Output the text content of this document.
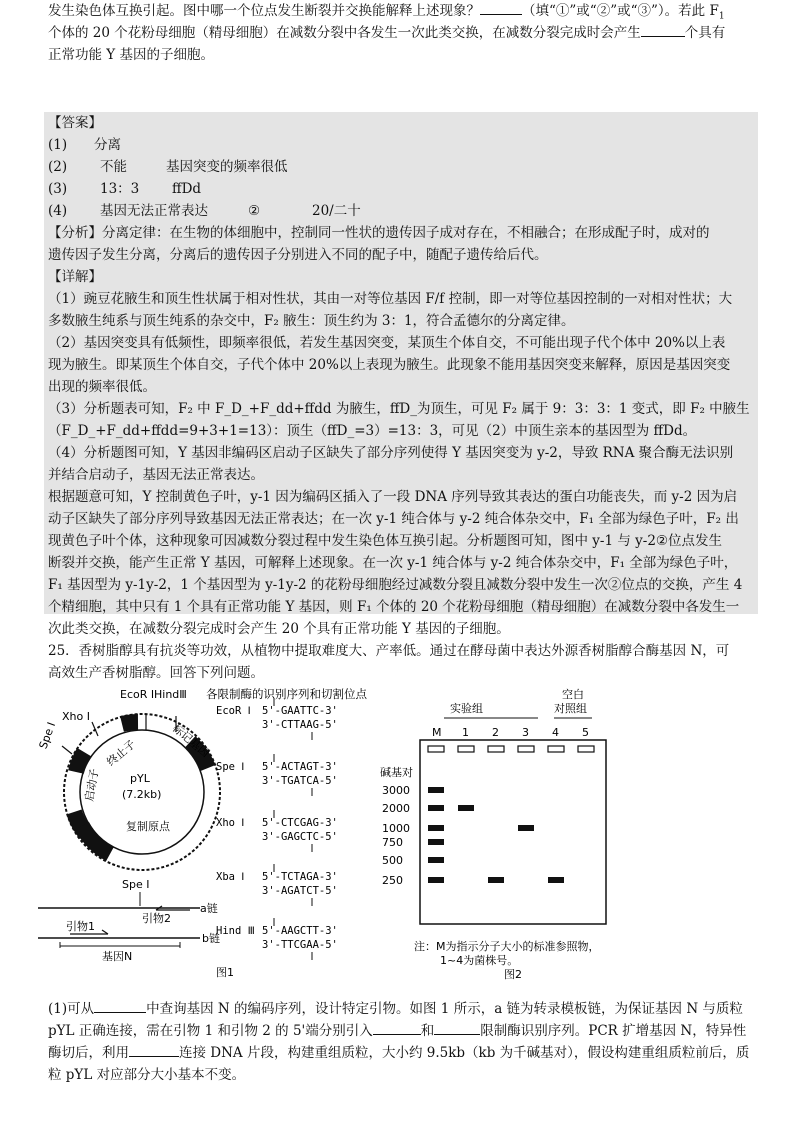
发生染色体互换引起。图中哪一个位点发生断裂并交换能解释上述现象？	（填“①”或“②”或“③”）。若此 $F_1$
个体的 20 个花粉母细胞（精母细胞）在减数分裂中各发生一次此类交换，在减数分裂完成时会产生	个具有
正常功能 Y 基因的子细胞。
【答案】
(1) 分离
(2) 不能	基因突变的频率很低
(3) 13：3 ffDd
(4) 基因无法正常表达	②	20/二十
【分析】分离定律：在生物的体细胞中，控制同一性状的遗传因子成对存在，不相融合；在形成配子时，成对的
遗传因子发生分离，分离后的遗传因子分别进入不同的配子中，随配子遗传给后代。
【详解】
（1）豌豆花腋生和顶生性状属于相对性状，其由一对等位基因 F/f 控制，即一对等位基因控制的一对相对性状；大
多数腋生纯系与顶生纯系的杂交中，F₂ 腋生：顶生约为 3：1，符合孟德尔的分离定律。
（2）基因突变具有低频性，即频率很低，若发生基因突变，某顶生个体自交，不可能出现子代个体中 20%以上表
现为腋生。即某顶生个体自交，子代个体中 20%以上表现为腋生。此现象不能用基因突变来解释，原因是基因突变
出现的频率很低。
（3）分析题表可知，F₂ 中 F_D_+F_dd+ffdd 为腋生，ffD_为顶生，可见 F₂ 属于 9：3：3：1 变式，即 F₂ 中腋生
（F_D_+F_dd+ffdd=9+3+1=13）：顶生（ffD_=3）=13：3，可见（2）中顶生亲本的基因型为 ffDd。
（4）分析题图可知，Y 基因非编码区启动子区缺失了部分序列使得 Y 基因突变为 y-2，导致 RNA 聚合酶无法识别
并结合启动子，基因无法正常表达。
根据题意可知，Y 控制黄色子叶，y-1 因为编码区插入了一段 DNA 序列导致其表达的蛋白功能丧失，而 y-2 因为启
动子区缺失了部分序列导致基因无法正常表达；在一次 y-1 纯合体与 y-2 纯合体杂交中，F₁ 全部为绿色子叶，F₂ 出
现黄色子叶个体，这种现象可因减数分裂过程中发生染色体互换引起。分析题图可知，图中 y-1 与 y-2②位点发生
断裂并交换，能产生正常 Y 基因，可解释上述现象。在一次 y-1 纯合体与 y-2 纯合体杂交中，F₁ 全部为绿色子叶，
F₁ 基因型为 y-1y-2，1 个基因型为 y-1y-2 的花粉母细胞经过减数分裂且减数分裂中发生一次②位点的交换，产生 4
个精细胞，其中只有 1 个具有正常功能 Y 基因，则 F₁ 个体的 20 个花粉母细胞（精母细胞）在减数分裂中各发生一
次此类交换，在减数分裂完成时会产生 20 个具有正常功能 Y 基因的子细胞。
25．香树脂醇具有抗炎等功效，从植物中提取难度大、产率低。通过在酵母菌中表达外源香树脂醇合酶基因 N，可
高效生产香树脂醇。回答下列问题。
EcoR Ⅰ HindⅢ
Xho Ⅰ
Spe Ⅰ
终止子	标记基因
启动子
复制原点
pYL
(7.2kb)
各限制酶的识别序列和切割位点
EcoR Ⅰ 5'-GAATTC-3'
3'-CTTAAG-5'
Spe Ⅰ 5'-ACTAGT-3'
3'-TGATCA-5'
Xho Ⅰ 5'-CTCGAG-3'
3'-GAGCTC-5'
Xba Ⅰ 5'-TCTAGA-3'
3'-AGATCT-5'
Hind Ⅲ 5'-AAGCTT-3'
3'-TTCGAA-5'
Spe Ⅰ
a链
引物2
引物1
b链
基因N
图1
实验组
空白
对照组
M 1 2 3 4 5
碱基对
3000
2000
1000
750
500
250
注：M为指示分子大小的标准参照物，
1~4为菌株号。
图2
(1)可从	中查询基因 N 的编码序列，设计特定引物。如图 1 所示，a 链为转录模板链，为保证基因 N 与质粒
pYL 正确连接，需在引物 1 和引物 2 的 5'端分别引入	和	限制酶识别序列。PCR 扩增基因 N，特异性
酶切后，利用	连接 DNA 片段，构建重组质粒，大小约 9.5kb（kb 为千碱基对），假设构建重组质粒前后，质
粒 pYL 对应部分大小基本不变。
